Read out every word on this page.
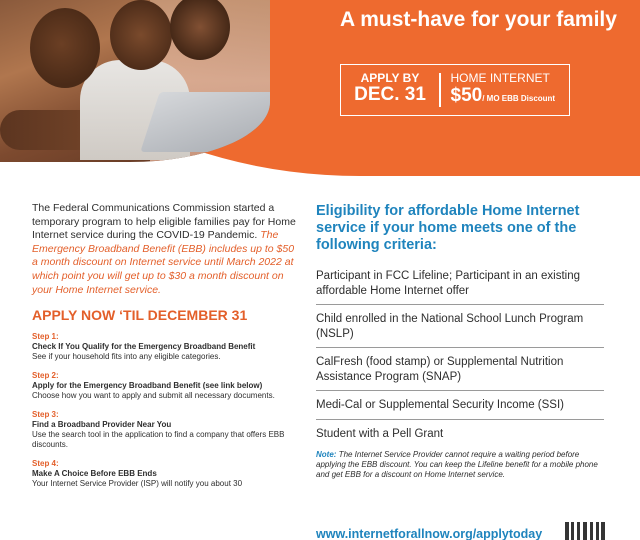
A must-have for your family
APPLY BY
DEC. 31
HOME INTERNET
$50/ MO EBB Discount

The Federal Communications Commission started a temporary program to help eligible families pay for Home Internet service during the COVID-19 Pandemic. The Emergency Broadband Benefit (EBB) includes up to $50 a month discount on Internet service until March 2022 at which point you will get up to $30 a month discount on your Home Internet service.

APPLY NOW ‘TIL DECEMBER 31
Step 1:
Check If You Qualify for the Emergency Broadband Benefit
See if your household fits into any eligible categories.
Step 2:
Apply for the Emergency Broadband Benefit (see link below)
Choose how you want to apply and submit all necessary documents.
Step 3:
Find a Broadband Provider Near You
Use the search tool in the application to find a company that offers EBB discounts.
Step 4:
Make A Choice Before EBB Ends
Your Internet Service Provider (ISP) will notify you about 30
Eligibility for affordable Home Internet service if your home meets one of the following criteria:
Participant in FCC Lifeline; Participant in an existing affordable Home Internet offer
Child enrolled in the National School Lunch Program (NSLP)
CalFresh (food stamp) or Supplemental Nutrition Assistance Program (SNAP)
Medi-Cal or Supplemental Security Income (SSI)
Student with a Pell Grant

Note: The Internet Service Provider cannot require a waiting period before applying the EBB discount. You can keep the Lifeline benefit for a mobile phone and get EBB for a discount on Home Internet service.

www.internetforallnow.org/applytoday
